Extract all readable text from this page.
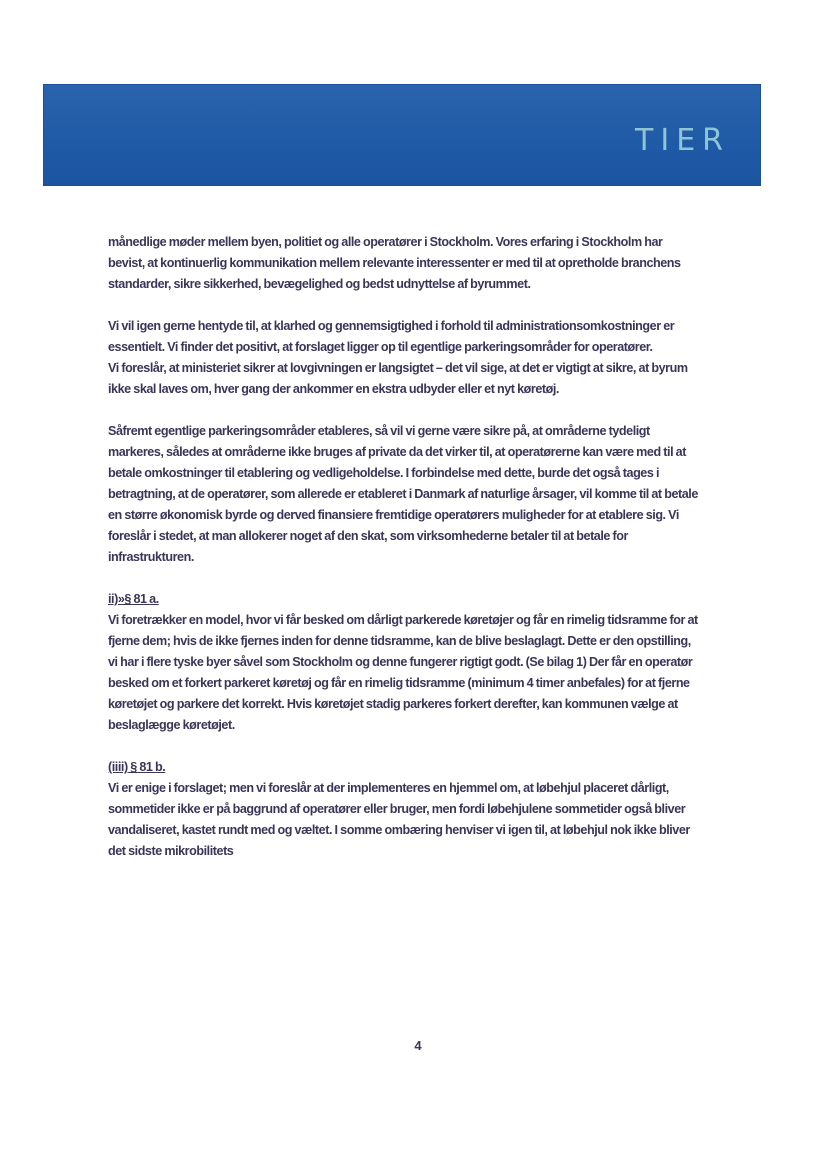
TIER

månedlige møder mellem byen, politiet og alle operatører i Stockholm. Vores erfaring i Stockholm har bevist, at kontinuerlig kommunikation mellem relevante interessenter er med til at opretholde branchens standarder, sikre sikkerhed, bevægelighed og bedst udnyttelse af byrummet.

Vi vil igen gerne hentyde til, at klarhed og gennemsigtighed i forhold til administrationsomkostninger er essentielt. Vi finder det positivt, at forslaget ligger op til egentlige parkeringsområder for operatører.

Vi foreslår, at ministeriet sikrer at lovgivningen er langsigtet – det vil sige, at det er vigtigt at sikre, at byrum ikke skal laves om, hver gang der ankommer en ekstra udbyder eller et nyt køretøj.

Såfremt egentlige parkeringsområder etableres, så vil vi gerne være sikre på, at områderne tydeligt markeres, således at områderne ikke bruges af private da det virker til, at operatørerne kan være med til at betale omkostninger til etablering og vedligeholdelse. I forbindelse med dette, burde det også tages i betragtning, at de operatører, som allerede er etableret i Danmark af naturlige årsager, vil komme til at betale en større økonomisk byrde og derved finansiere fremtidige operatørers muligheder for at etablere sig. Vi foreslår i stedet, at man allokerer noget af den skat, som virksomhederne betaler til at betale for infrastrukturen.

ii)»§ 81 a.
Vi foretrækker en model, hvor vi får besked om dårligt parkerede køretøjer og får en rimelig tidsramme for at fjerne dem; hvis de ikke fjernes inden for denne tidsramme, kan de blive beslaglagt. Dette er den opstilling, vi har i flere tyske byer såvel som Stockholm og denne fungerer rigtigt godt. (Se bilag 1) Der får en operatør besked om et forkert parkeret køretøj og får en rimelig tidsramme (minimum 4 timer anbefales) for at fjerne køretøjet og parkere det korrekt. Hvis køretøjet stadig parkeres forkert derefter, kan kommunen vælge at beslaglægge køretøjet.

(iiii) § 81 b.
Vi er enige i forslaget; men vi foreslår at der implementeres en hjemmel om, at løbehjul placeret dårligt, sommetider ikke er på baggrund af operatører eller bruger, men fordi løbehjulene sommetider også bliver vandaliseret, kastet rundt med og væltet. I somme ombæring henviser vi igen til, at løbehjul nok ikke bliver det sidste mikrobilitets

4
